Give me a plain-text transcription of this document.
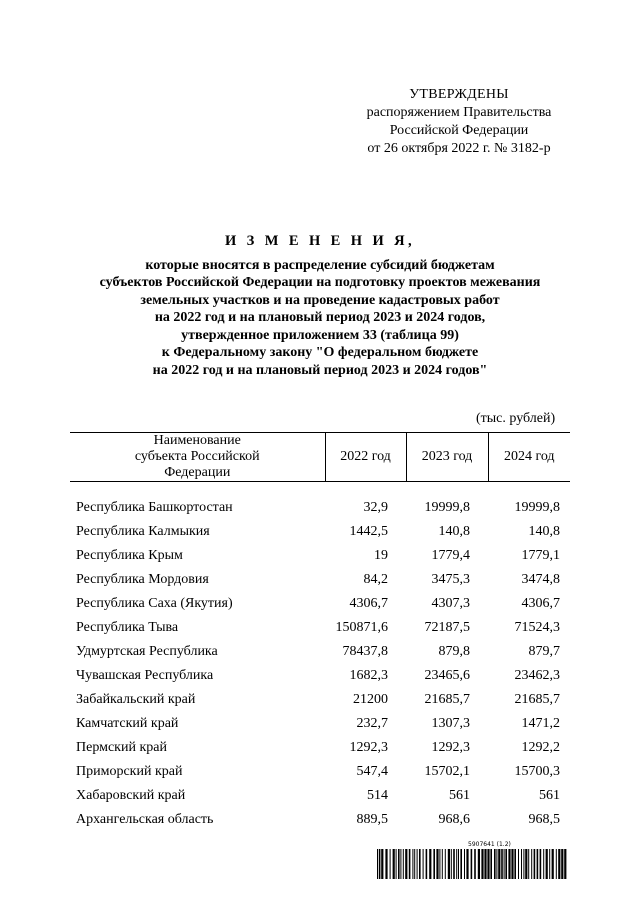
УТВЕРЖДЕНЫ
распоряжением Правительства
Российской Федерации
от 26 октября 2022 г. № 3182-р
И З М Е Н Е Н И Я,
которые вносятся в распределение субсидий бюджетам
субъектов Российской Федерации на подготовку проектов межевания
земельных участков и на проведение кадастровых работ
на 2022 год и на плановый период 2023 и 2024 годов,
утвержденное приложением 33 (таблица 99)
к Федеральному закону "О федеральном бюджете
на 2022 год и на плановый период 2023 и 2024 годов"
(тыс. рублей)
Наименование субъекта Российской Федерации	2022 год	2023 год	2024 год

Республика Башкортостан	32,9	19999,8	19999,8
Республика Калмыкия	1442,5	140,8	140,8
Республика Крым	19	1779,4	1779,1
Республика Мордовия	84,2	3475,3	3474,8
Республика Саха (Якутия)	4306,7	4307,3	4306,7
Республика Тыва	150871,6	72187,5	71524,3
Удмуртская Республика	78437,8	879,8	879,7
Чувашская Республика	1682,3	23465,6	23462,3
Забайкальский край	21200	21685,7	21685,7
Камчатский край	232,7	1307,3	1471,2
Пермский край	1292,3	1292,3	1292,2
Приморский край	547,4	15702,1	15700,3
Хабаровский край	514	561	561
Архангельская область	889,5	968,6	968,5
5907641 (1.2)
